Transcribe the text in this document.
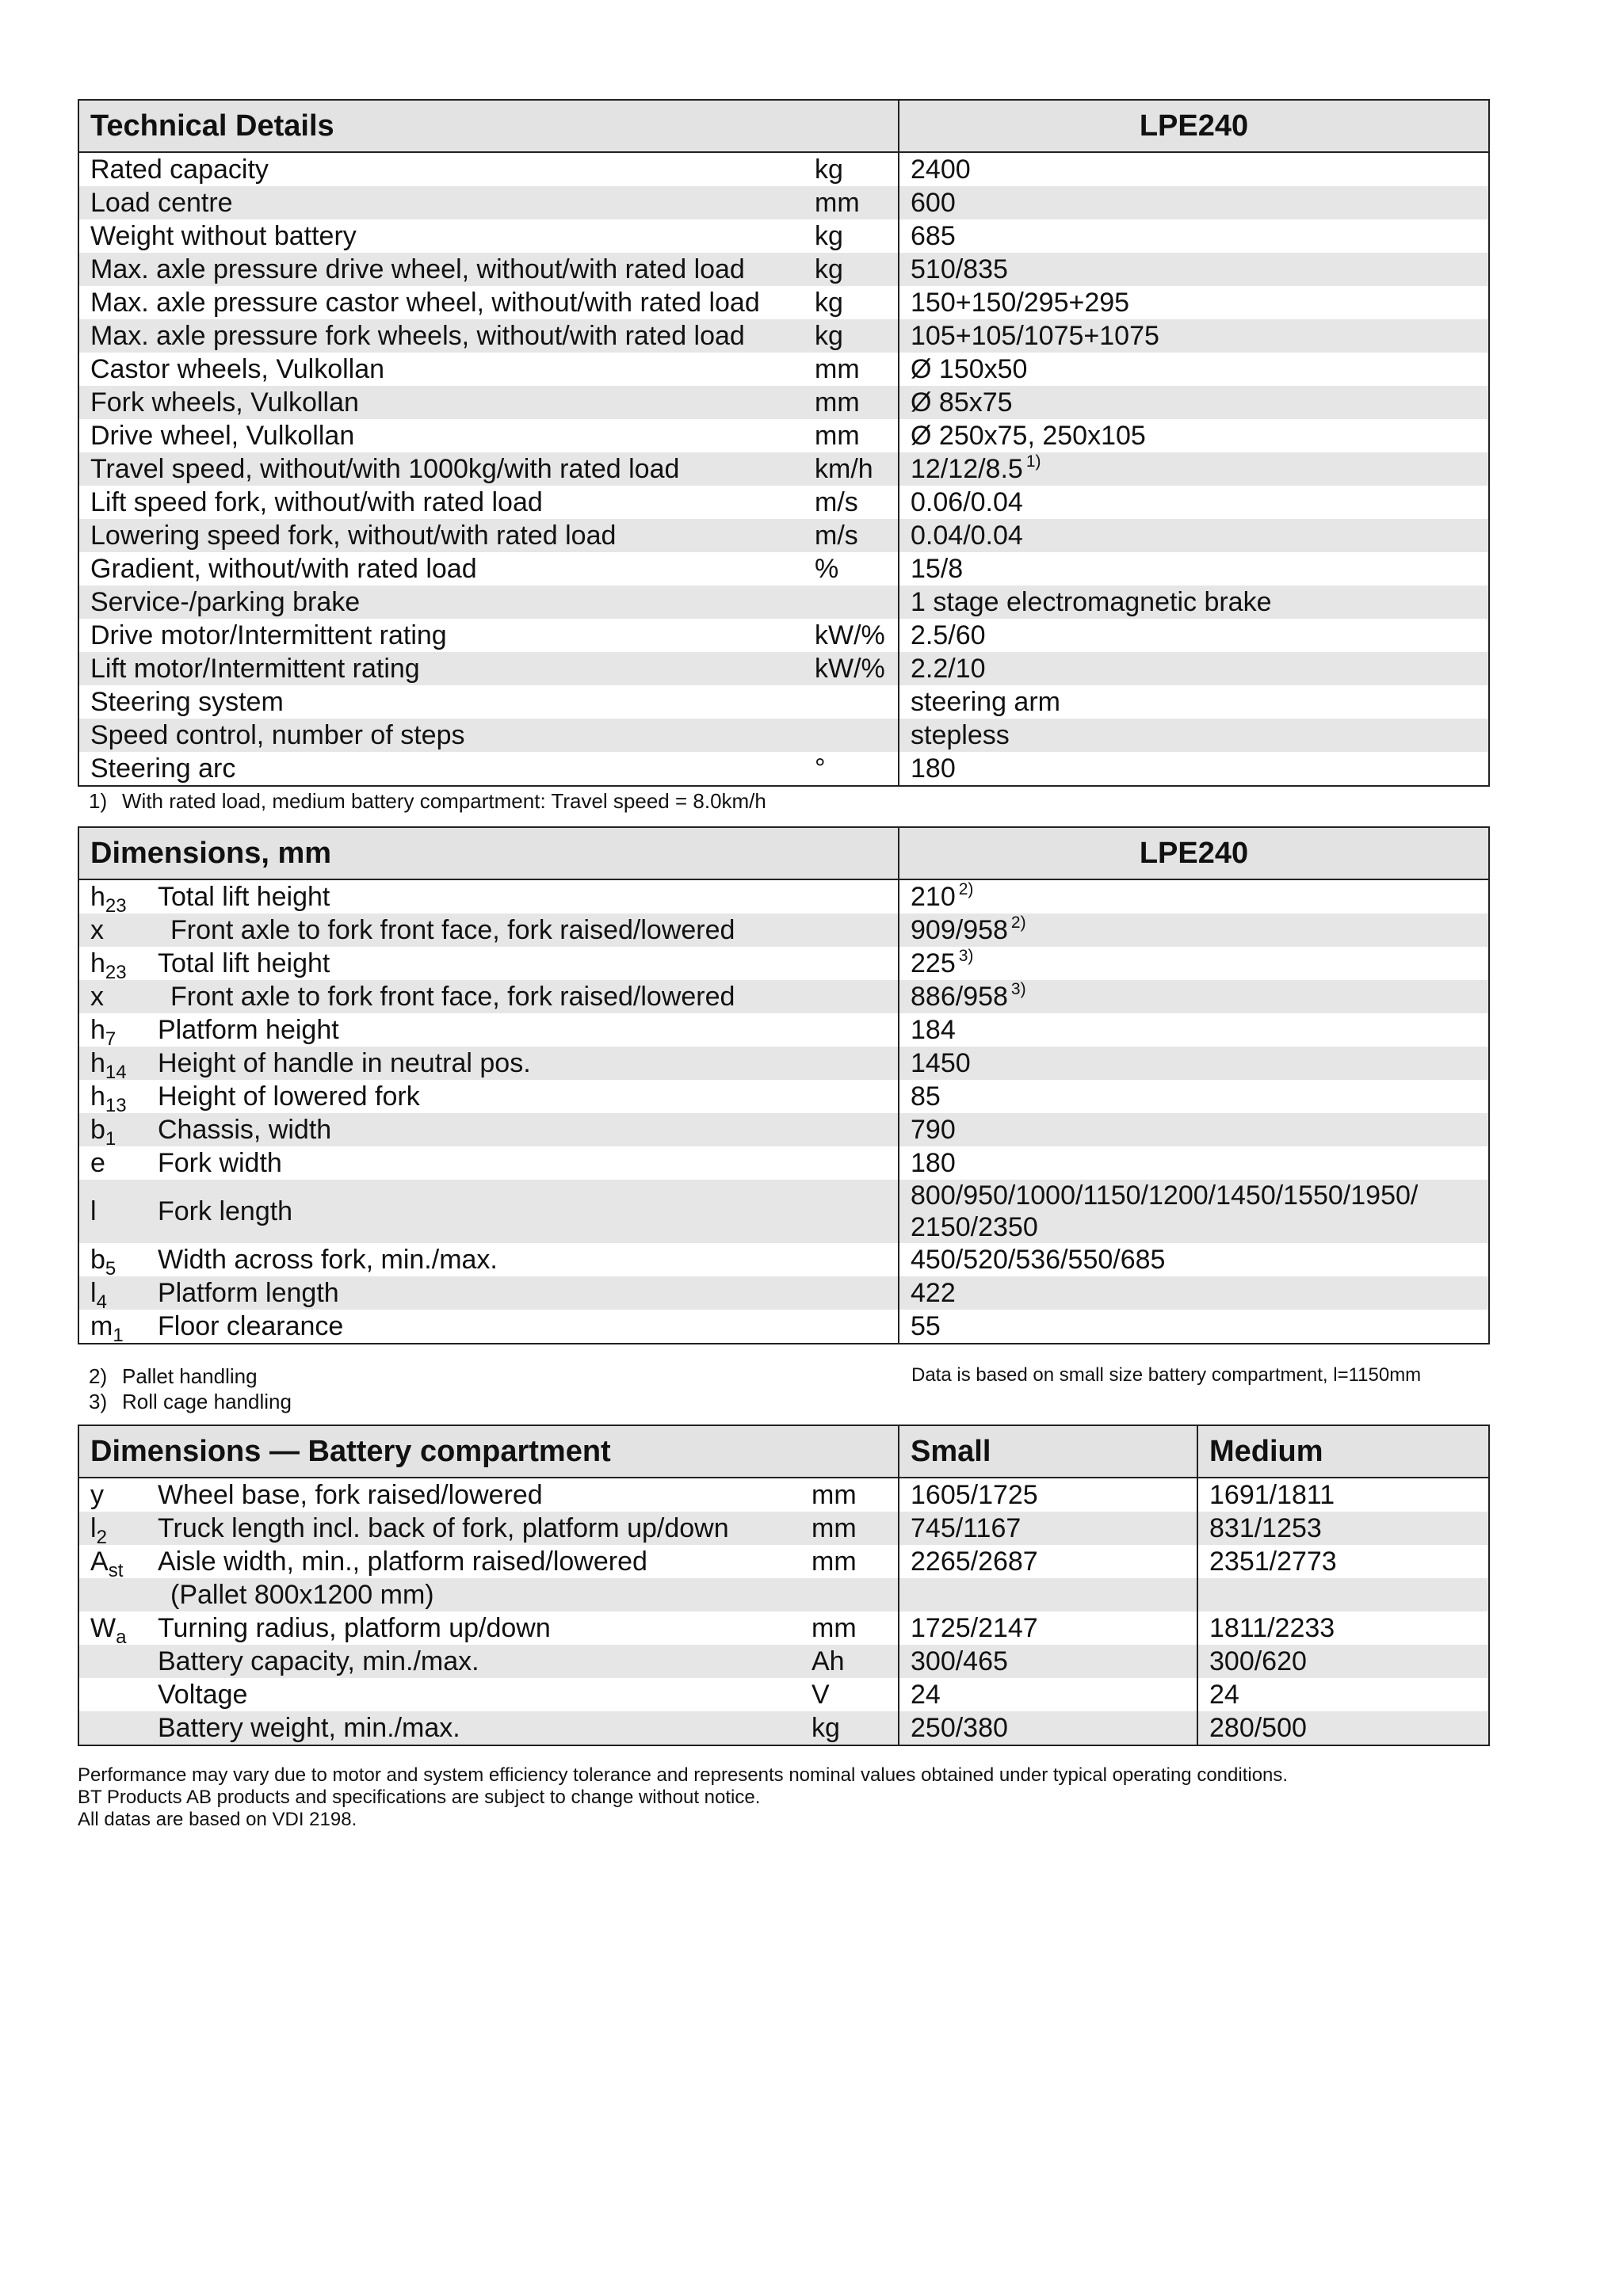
Technical Details		LPE240
Rated capacity	kg	2400
Load centre	mm	600
Weight without battery	kg	685
Max. axle pressure drive wheel, without/with rated load	kg	510/835
Max. axle pressure castor wheel, without/with rated load	kg	150+150/295+295
Max. axle pressure fork wheels, without/with rated load	kg	105+105/1075+1075
Castor wheels, Vulkollan	mm	Ø 150x50
Fork wheels, Vulkollan	mm	Ø 85x75
Drive wheel, Vulkollan	mm	Ø 250x75, 250x105
Travel speed, without/with 1000kg/with rated load	km/h	12/12/8.5 $^{1)}$
Lift speed fork, without/with rated load	m/s	0.06/0.04
Lowering speed fork, without/with rated load	m/s	0.04/0.04
Gradient, without/with rated load	%	15/8
Service-/parking brake		1 stage electromagnetic brake
Drive motor/Intermittent rating	kW/%	2.5/60
Lift motor/Intermittent rating	kW/%	2.2/10
Steering system		steering arm
Speed control, number of steps		stepless
Steering arc	°	180
1) With rated load, medium battery compartment: Travel speed = 8.0km/h
Dimensions, mm		LPE240
$h_{23}$	Total lift height	210 $^{2)}$
x	Front axle to fork front face, fork raised/lowered	909/958 $^{2)}$
$h_{23}$	Total lift height	225 $^{3)}$
x	Front axle to fork front face, fork raised/lowered	886/958 $^{3)}$
$h_7$	Platform height	184
$h_{14}$	Height of handle in neutral pos.	1450
$h_{13}$	Height of lowered fork	85
$b_1$	Chassis, width	790
e	Fork width	180
l	Fork length	800/950/1000/1150/1200/1450/1550/1950/ 2150/2350
$b_5$	Width across fork, min./max.	450/520/536/550/685
$l_4$	Platform length	422
$m_1$	Floor clearance	55
2) Pallet handling
3) Roll cage handling
Data is based on small size battery compartment, l=1150mm
Dimensions — Battery compartment			Small	Medium
y	Wheel base, fork raised/lowered	mm	1605/1725	1691/1811
$l_2$	Truck length incl. back of fork, platform up/down	mm	745/1167	831/1253
$A_{st}$	Aisle width, min., platform raised/lowered	mm	2265/2687	2351/2773
	(Pallet 800x1200 mm)			
$W_a$	Turning radius, platform up/down	mm	1725/2147	1811/2233
	Battery capacity, min./max.	Ah	300/465	300/620
	Voltage	V	24	24
	Battery weight, min./max.	kg	250/380	280/500
Performance may vary due to motor and system efficiency tolerance and represents nominal values obtained under typical operating conditions.
BT Products AB products and specifications are subject to change without notice.
All datas are based on VDI 2198.
